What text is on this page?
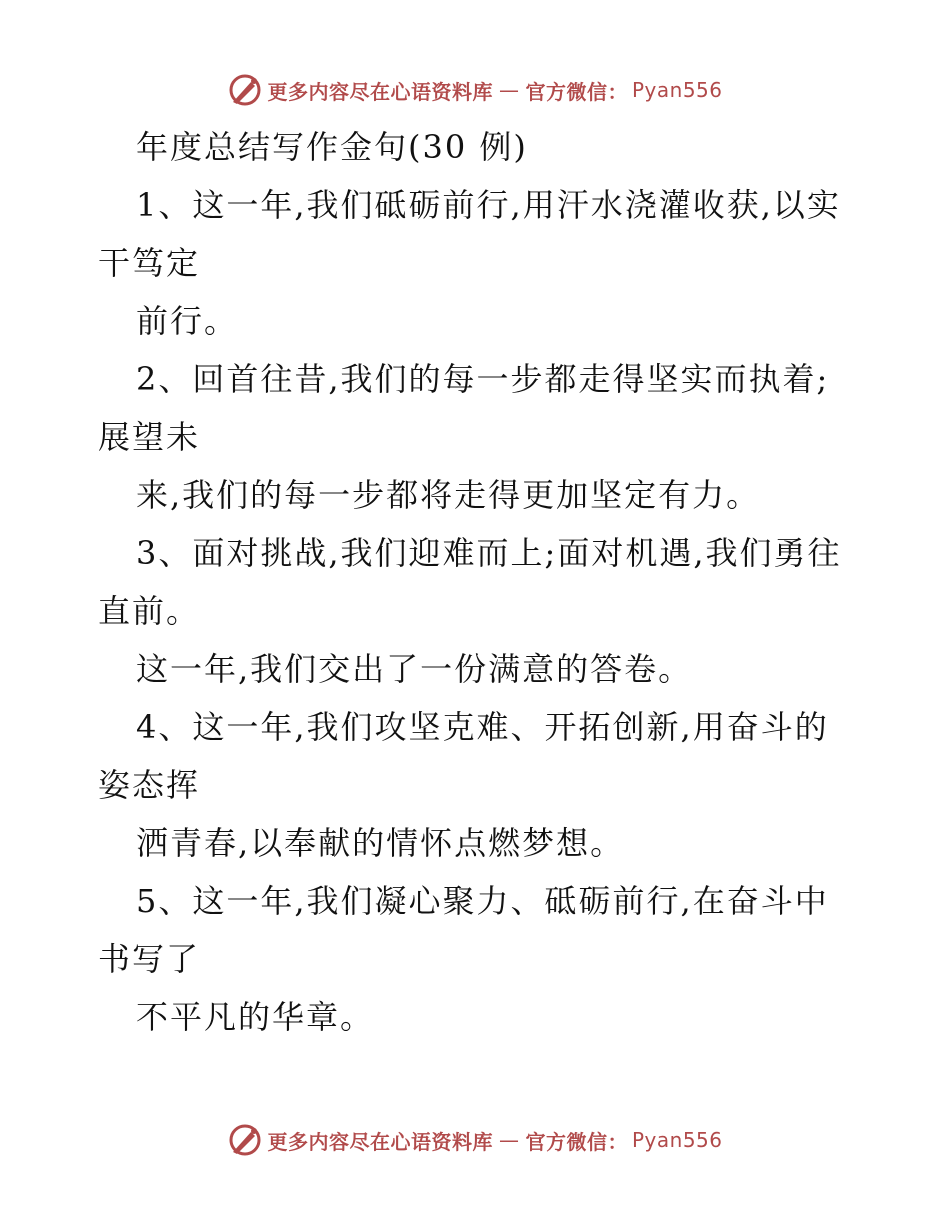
更多内容尽在心语资料库 — 官方微信： Pyan556
年度总结写作金句(30 例)
1、这一年,我们砥砺前行,用汗水浇灌收获,以实
干笃定
前行。
2、回首往昔,我们的每一步都走得坚实而执着;
展望未
来,我们的每一步都将走得更加坚定有力。
3、面对挑战,我们迎难而上;面对机遇,我们勇往
直前。
这一年,我们交出了一份满意的答卷。
4、这一年,我们攻坚克难、开拓创新,用奋斗的
姿态挥
洒青春,以奉献的情怀点燃梦想。
5、这一年,我们凝心聚力、砥砺前行,在奋斗中
书写了
不平凡的华章。
更多内容尽在心语资料库 — 官方微信： Pyan556
